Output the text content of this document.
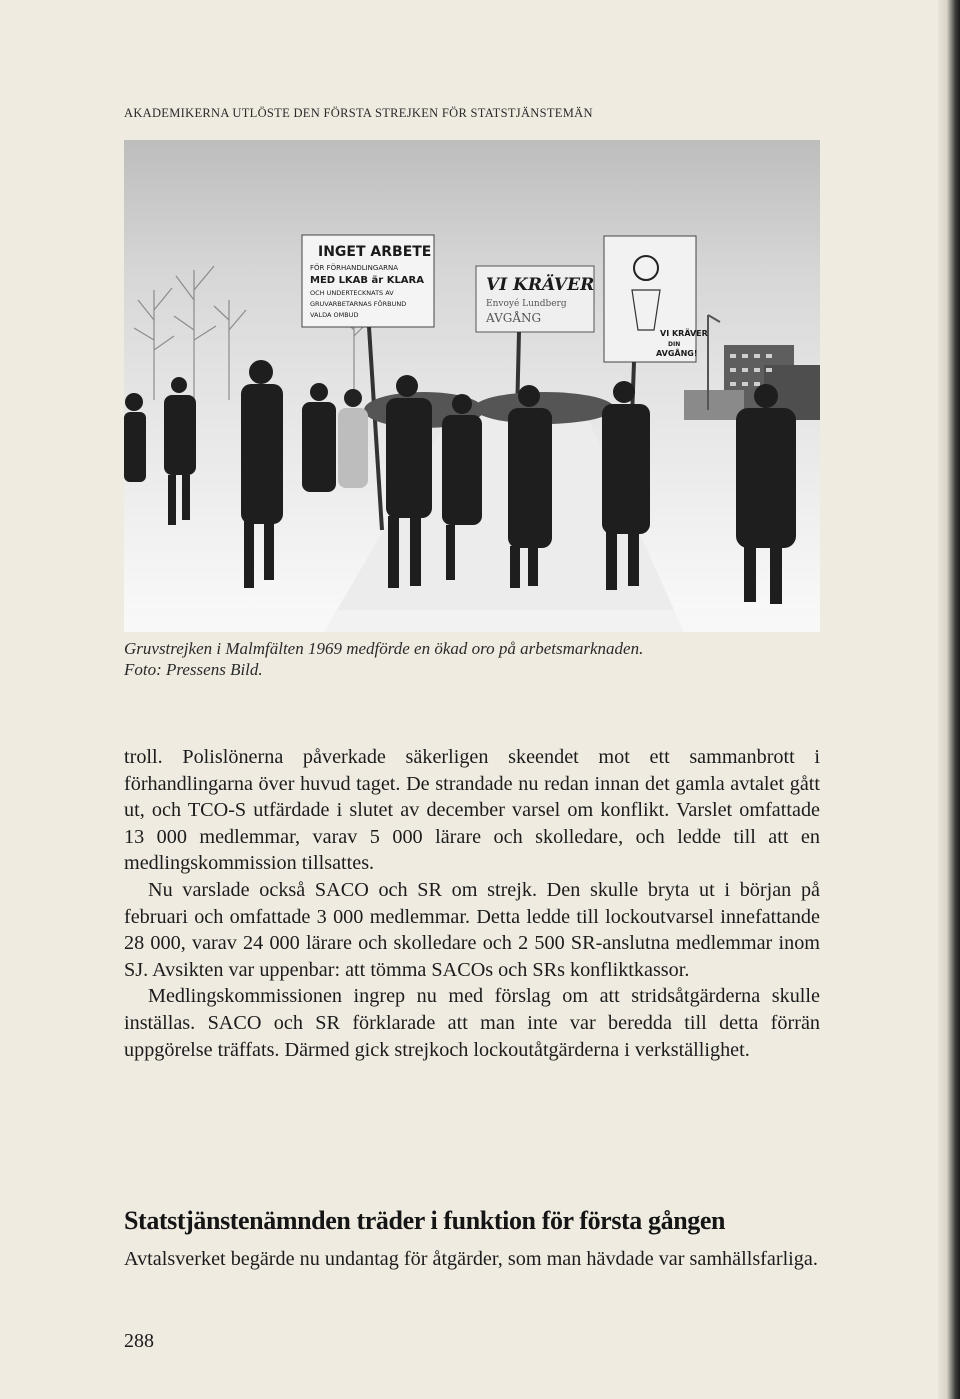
AKADEMIKERNA UTLÖSTE DEN FÖRSTA STREJKEN FÖR STATSTJÄNSTEMÄN
INGET ARBETE
FÖR FÖRHANDLINGARNA
MED LKAB är KLARA
OCH UNDERTECKNATS AV
GRUVARBETARNAS FÖRBUND
VALDA OMBUD
VI KRÄVER
Envoyé Lundberg
AVGÅNG
VI KRÄVER
DIN
AVGÅNG!
Gruvstrejken i Malmfälten 1969 medförde en ökad oro på arbetsmarknaden.
Foto: Pressens Bild.

troll. Polislönerna påverkade säkerligen skeendet mot ett sammanbrott i förhandlingarna över huvud taget. De strandade nu redan innan det gamla avtalet gått ut, och TCO-S utfärdade i slutet av december varsel om konflikt. Varslet omfattade 13 000 medlemmar, varav 5 000 lärare och skolledare, och ledde till att en medlingskommission tillsattes.

Nu varslade också SACO och SR om strejk. Den skulle bryta ut i början på februari och omfattade 3 000 medlemmar. Detta ledde till lockoutvarsel innefattande 28 000, varav 24 000 lärare och skolledare och 2 500 SR-anslutna medlemmar inom SJ. Avsikten var uppenbar: att tömma SACOs och SRs konfliktkassor.

Medlingskommissionen ingrep nu med förslag om att stridsåtgärderna skulle inställas. SACO och SR förklarade att man inte var beredda till detta förrän uppgörelse träffats. Därmed gick strejkoch lockoutåtgärderna i verkställighet.

Statstjänstenämnden träder i funktion för första gången

Avtalsverket begärde nu undantag för åtgärder, som man hävdade var samhällsfarliga.

288
